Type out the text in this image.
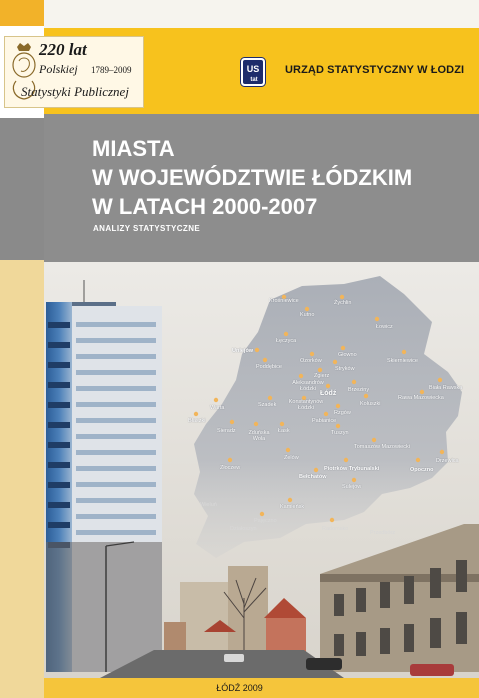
Krośniewice	Żychlin
Kutno
Łowicz
Łęczyca
Uniejów
Ozorków
Głowno
Skierniewice
Poddębice	Stryków
Zgierz
Aleksandrów Łódzki
Łódź Brzeziny	Biała Rawska
Rawa Mazowiecka
Warta	Szadek	Konstantynów Łódzki
Koluszki
Rzgów
Błaszki	Pabianice
Sieradz	Zduńska Wola
Łask	Tuszyn
Tomaszów Mazowiecki
Drzewica
Zelów
Złoczew	Piotrków Trybunalski	Opoczno
Bełchatów
Sulejów
Wieluń	Kamieńsk
Pajęczno
Działoszyn	Radomsko
Przedbórz
220 lat
Polskiej 1789–2009
Statystyki Publicznej
US
tat
URZĄD STATYSTYCZNY W ŁODZI
MIASTA
W WOJEWÓDZTWIE ŁÓDZKIM
W LATACH 2000-2007
ANALIZY STATYSTYCZNE
ŁÓDŹ 2009
